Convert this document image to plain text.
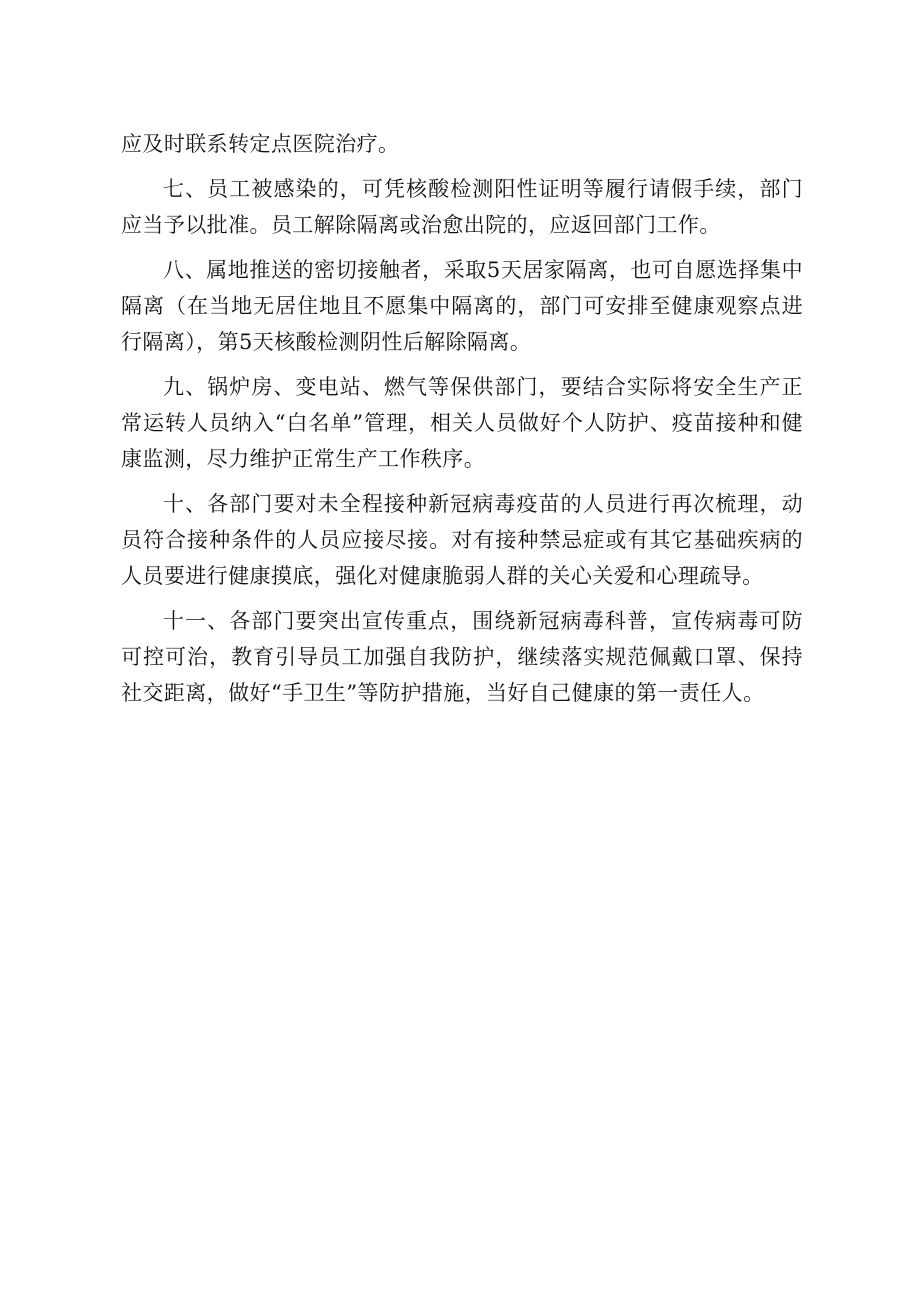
应及时联系转定点医院治疗。

七、员工被感染的，可凭核酸检测阳性证明等履行请假手续，部门应当予以批准。员工解除隔离或治愈出院的，应返回部门工作。

八、属地推送的密切接触者，采取5天居家隔离，也可自愿选择集中隔离（在当地无居住地且不愿集中隔离的，部门可安排至健康观察点进行隔离），第5天核酸检测阴性后解除隔离。

九、锅炉房、变电站、燃气等保供部门，要结合实际将安全生产正常运转人员纳入“白名单”管理，相关人员做好个人防护、疫苗接种和健康监测，尽力维护正常生产工作秩序。

十、各部门要对未全程接种新冠病毒疫苗的人员进行再次梳理，动员符合接种条件的人员应接尽接。对有接种禁忌症或有其它基础疾病的人员要进行健康摸底，强化对健康脆弱人群的关心关爱和心理疏导。

十一、各部门要突出宣传重点，围绕新冠病毒科普，宣传病毒可防可控可治，教育引导员工加强自我防护，继续落实规范佩戴口罩、保持社交距离，做好“手卫生”等防护措施，当好自己健康的第一责任人。
